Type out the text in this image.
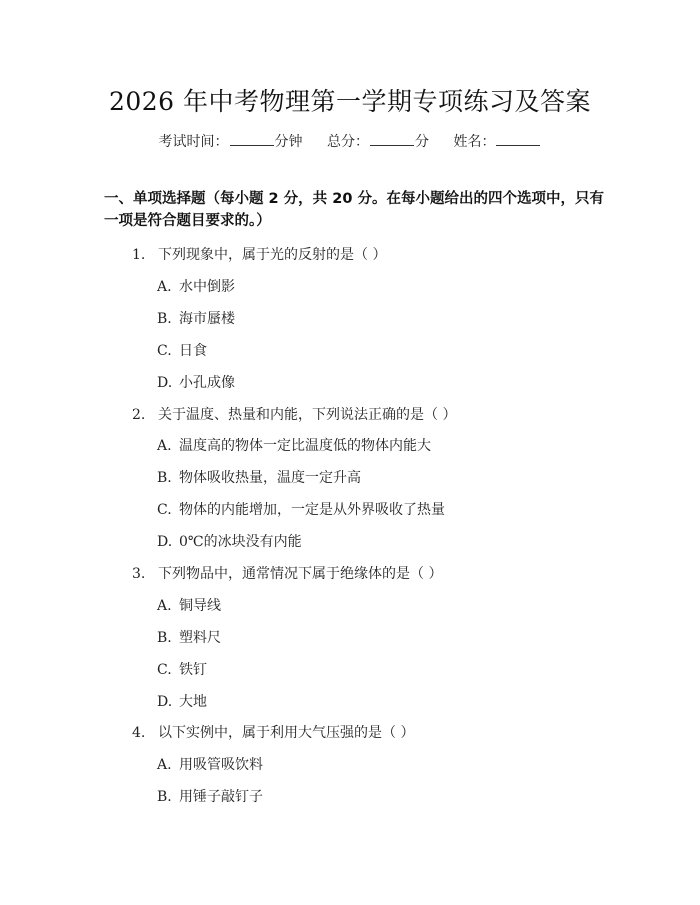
2026 年中考物理第一学期专项练习及答案
考试时间：	分钟 总分：	分 姓名：
一、单项选择题（每小题 2 分，共 20 分。在每小题给出的四个选项中，只有一项是符合题目要求的。）
1. 下列现象中，属于光的反射的是（ ）
A. 水中倒影
B. 海市蜃楼
C. 日食
D. 小孔成像
2. 关于温度、热量和内能，下列说法正确的是（ ）
A. 温度高的物体一定比温度低的物体内能大
B. 物体吸收热量，温度一定升高
C. 物体的内能增加，一定是从外界吸收了热量
D. 0℃的冰块没有内能
3. 下列物品中，通常情况下属于绝缘体的是（ ）
A. 铜导线
B. 塑料尺
C. 铁钉
D. 大地
4. 以下实例中，属于利用大气压强的是（ ）
A. 用吸管吸饮料
B. 用锤子敲钉子
